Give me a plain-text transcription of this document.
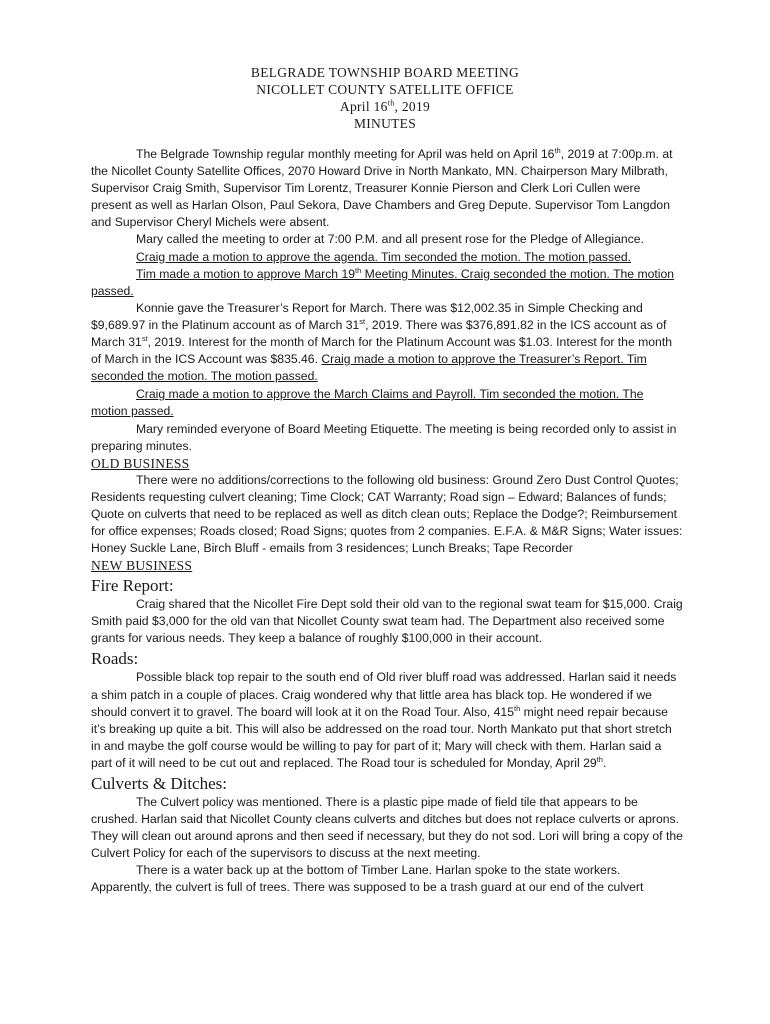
BELGRADE TOWNSHIP BOARD MEETING
NICOLLET COUNTY SATELLITE OFFICE
April 16th, 2019
MINUTES

The Belgrade Township regular monthly meeting for April was held on April 16th, 2019 at 7:00p.m. at the Nicollet County Satellite Offices, 2070 Howard Drive in North Mankato, MN. Chairperson Mary Milbrath, Supervisor Craig Smith, Supervisor Tim Lorentz, Treasurer Konnie Pierson and Clerk Lori Cullen were present as well as Harlan Olson, Paul Sekora, Dave Chambers and Greg Depute. Supervisor Tom Langdon and Supervisor Cheryl Michels were absent.

Mary called the meeting to order at 7:00 P.M. and all present rose for the Pledge of Allegiance.

Craig made a motion to approve the agenda. Tim seconded the motion. The motion passed.

Tim made a motion to approve March 19th Meeting Minutes. Craig seconded the motion. The motion passed.

Konnie gave the Treasurer’s Report for March. There was $12,002.35 in Simple Checking and $9,689.97 in the Platinum account as of March 31st, 2019. There was $376,891.82 in the ICS account as of March 31st, 2019. Interest for the month of March for the Platinum Account was $1.03. Interest for the month of March in the ICS Account was $835.46. Craig made a motion to approve the Treasurer’s Report. Tim seconded the motion. The motion passed.

Craig made a motion to approve the March Claims and Payroll. Tim seconded the motion. The motion passed.

Mary reminded everyone of Board Meeting Etiquette. The meeting is being recorded only to assist in preparing minutes.

OLD BUSINESS

There were no additions/corrections to the following old business: Ground Zero Dust Control Quotes; Residents requesting culvert cleaning; Time Clock; CAT Warranty; Road sign – Edward; Balances of funds; Quote on culverts that need to be replaced as well as ditch clean outs; Replace the Dodge?; Reimbursement for office expenses; Roads closed; Road Signs; quotes from 2 companies. E.F.A. & M&R Signs; Water issues: Honey Suckle Lane, Birch Bluff - emails from 3 residences; Lunch Breaks; Tape Recorder

NEW BUSINESS

Fire Report:

Craig shared that the Nicollet Fire Dept sold their old van to the regional swat team for $15,000. Craig Smith paid $3,000 for the old van that Nicollet County swat team had. The Department also received some grants for various needs. They keep a balance of roughly $100,000 in their account.

Roads:

Possible black top repair to the south end of Old river bluff road was addressed. Harlan said it needs a shim patch in a couple of places. Craig wondered why that little area has black top. He wondered if we should convert it to gravel. The board will look at it on the Road Tour. Also, 415th might need repair because it’s breaking up quite a bit. This will also be addressed on the road tour. North Mankato put that short stretch in and maybe the golf course would be willing to pay for part of it; Mary will check with them. Harlan said a part of it will need to be cut out and replaced. The Road tour is scheduled for Monday, April 29th.

Culverts & Ditches:

The Culvert policy was mentioned. There is a plastic pipe made of field tile that appears to be crushed. Harlan said that Nicollet County cleans culverts and ditches but does not replace culverts or aprons. They will clean out around aprons and then seed if necessary, but they do not sod. Lori will bring a copy of the Culvert Policy for each of the supervisors to discuss at the next meeting.

There is a water back up at the bottom of Timber Lane. Harlan spoke to the state workers. Apparently, the culvert is full of trees. There was supposed to be a trash guard at our end of the culvert
